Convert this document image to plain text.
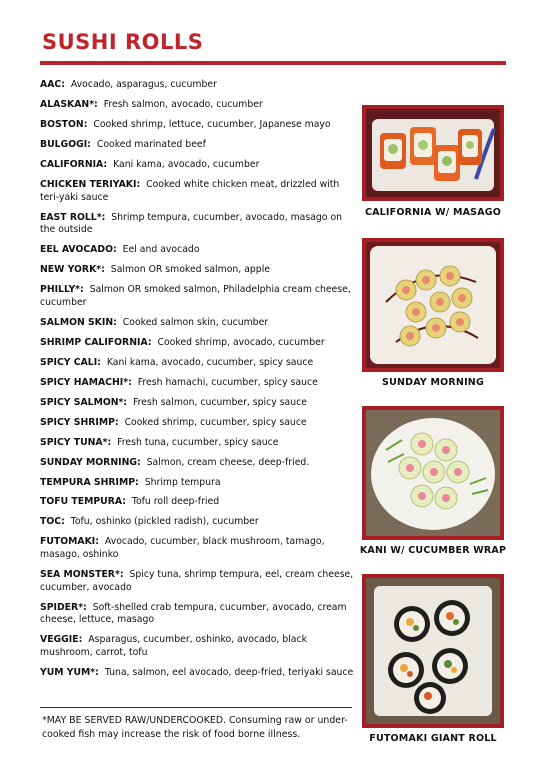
SUSHI ROLLS
AAC: Avocado, asparagus, cucumber
ALASKAN*: Fresh salmon, avocado, cucumber
BOSTON: Cooked shrimp, lettuce, cucumber, Japanese mayo
BULGOGI: Cooked marinated beef
CALIFORNIA: Kani kama, avocado, cucumber
CHICKEN TERIYAKI: Cooked white chicken meat, drizzled with teri-yaki sauce
EAST ROLL*: Shrimp tempura, cucumber, avocado, masago on the outside
EEL AVOCADO: Eel and avocado
NEW YORK*: Salmon OR smoked salmon, apple
PHILLY*: Salmon OR smoked salmon, Philadelphia cream cheese, cucumber
SALMON SKIN: Cooked salmon skin, cucumber
SHRIMP CALIFORNIA: Cooked shrimp, avocado, cucumber
SPICY CALI: Kani kama, avocado, cucumber, spicy sauce
SPICY HAMACHI*: Fresh hamachi, cucumber, spicy sauce
SPICY SALMON*: Fresh salmon, cucumber, spicy sauce
SPICY SHRIMP: Cooked shrimp, cucumber, spicy sauce
SPICY TUNA*: Fresh tuna, cucumber, spicy sauce
SUNDAY MORNING: Salmon, cream cheese, deep-fried.
TEMPURA SHRIMP: Shrimp tempura
TOFU TEMPURA: Tofu roll deep-fried
TOC: Tofu, oshinko (pickled radish), cucumber
FUTOMAKI: Avocado, cucumber, black mushroom, tamago, masago, oshinko
SEA MONSTER*: Spicy tuna, shrimp tempura, eel, cream cheese, cucumber, avocado
SPIDER*: Soft-shelled crab tempura, cucumber, avocado, cream cheese, lettuce, masago
VEGGIE: Asparagus, cucumber, oshinko, avocado, black mushroom, carrot, tofu
YUM YUM*: Tuna, salmon, eel avocado, deep-fried, teriyaki sauce
*MAY BE SERVED RAW/UNDERCOOKED. Consuming raw or under-cooked fish may increase the risk of food borne illness.
CALIFORNIA W/ MASAGO
SUNDAY MORNING
KANI W/ CUCUMBER WRAP
FUTOMAKI GIANT ROLL
